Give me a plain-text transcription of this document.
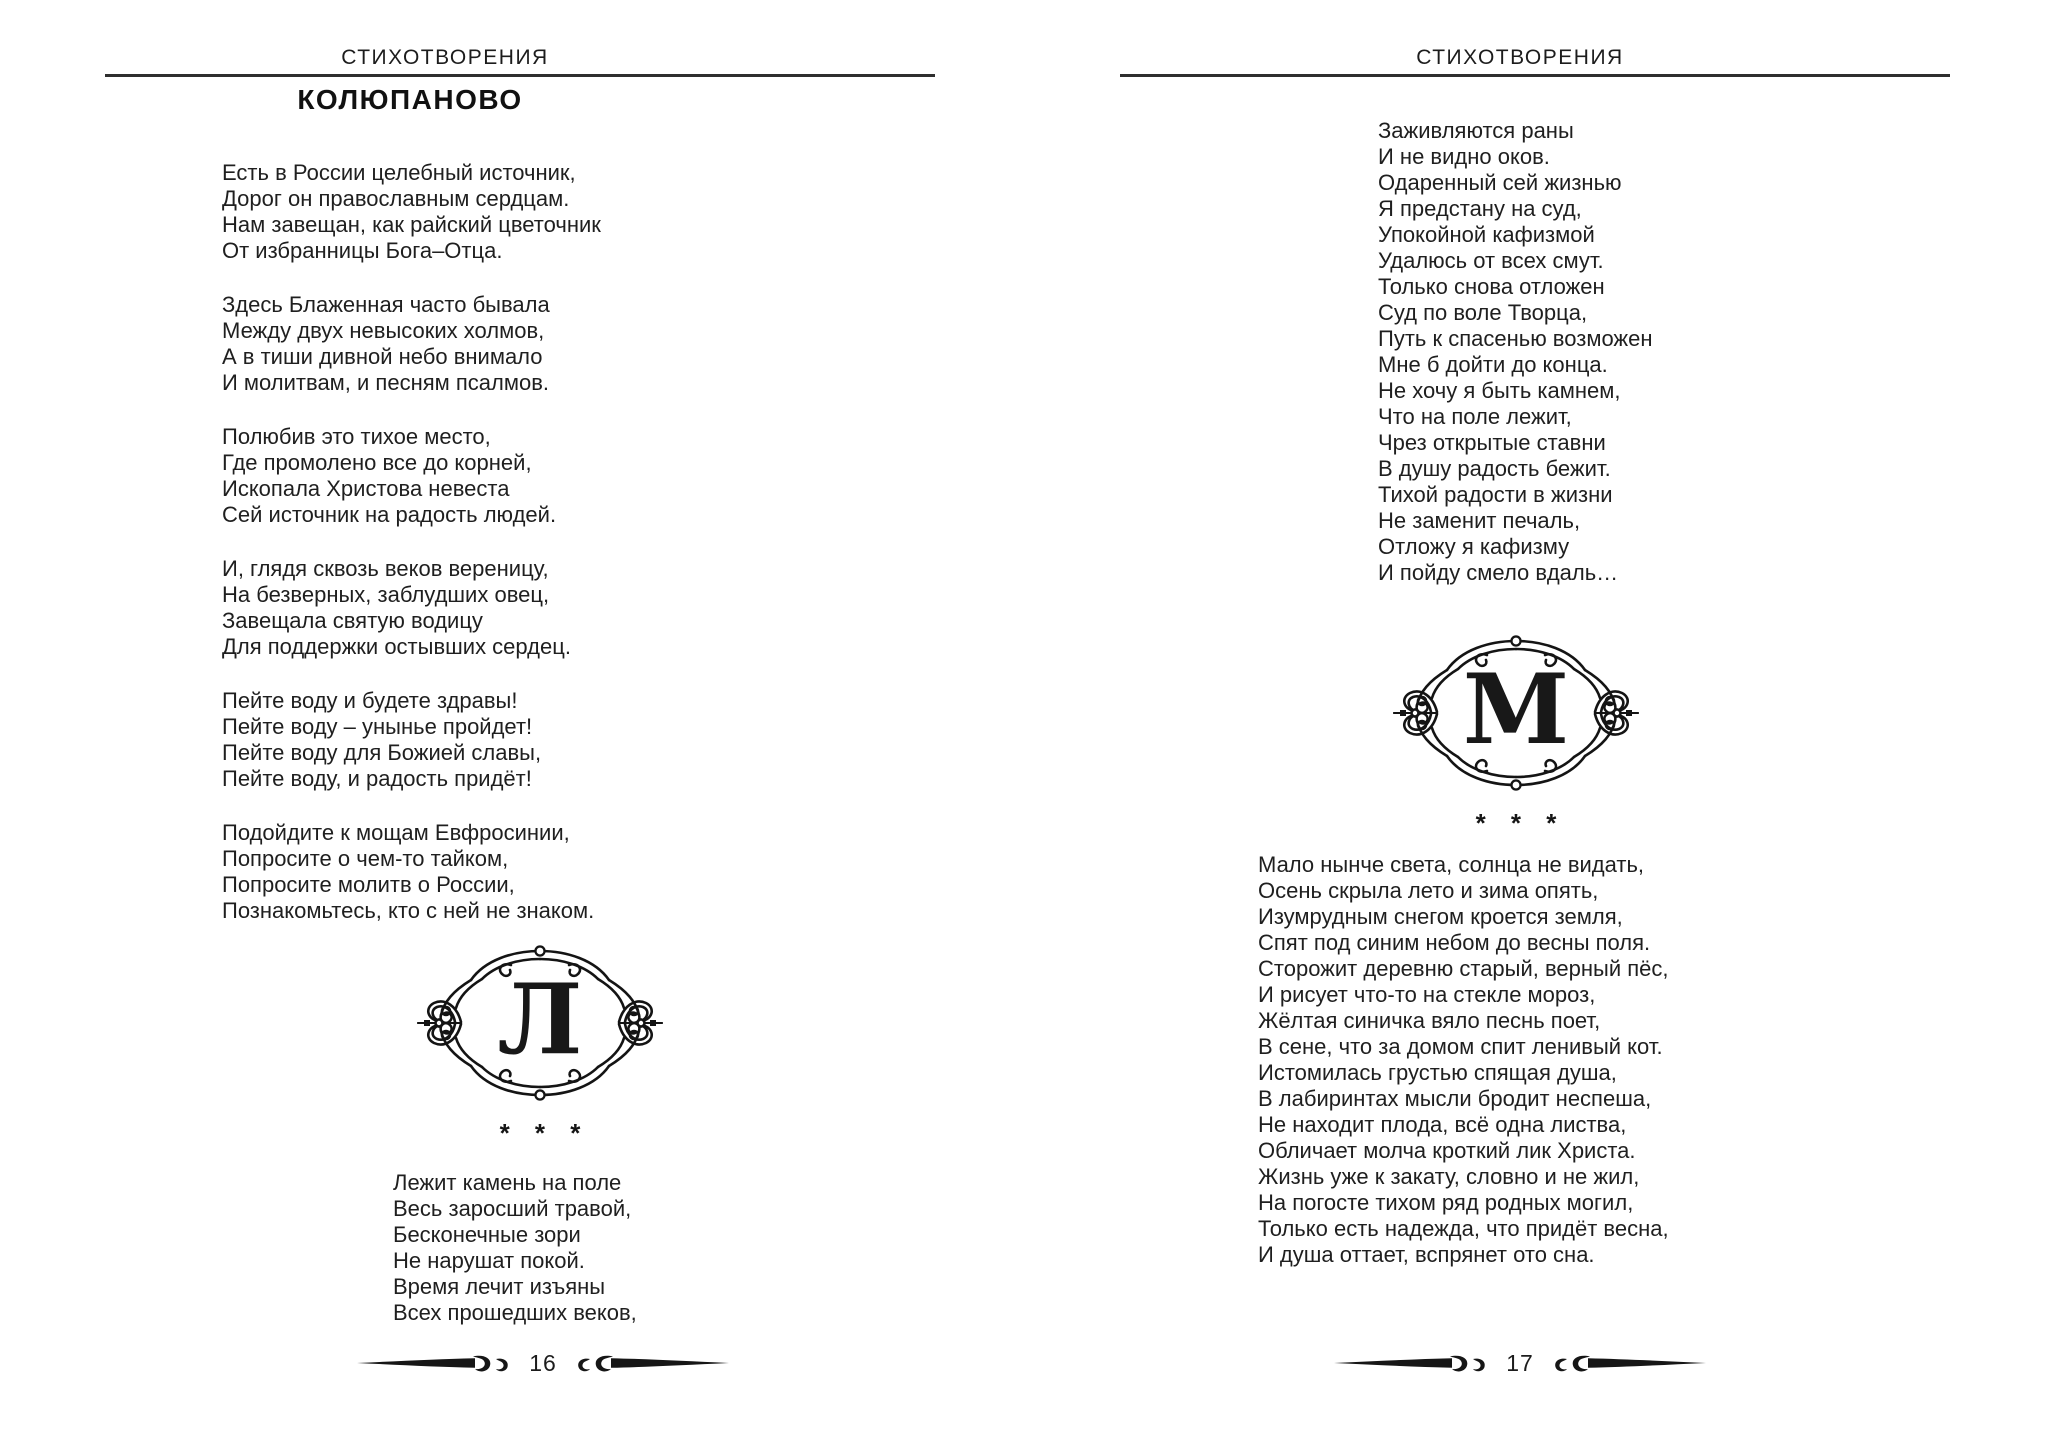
СТИХОТВОРЕНИЯ
КОЛЮПАНОВО
Есть в России целебный источник,
Дорог он православным сердцам.
Нам завещан, как райский цветочник
От избранницы Бога–Отца.
Здесь Блаженная часто бывала
Между двух невысоких холмов,
А в тиши дивной небо внимало
И молитвам, и песням псалмов.
Полюбив это тихое место,
Где промолено все до корней,
Ископала Христова невеста
Сей источник на радость людей.
И, глядя сквозь веков вереницу,
На безверных, заблудших овец,
Завещала святую водицу
Для поддержки остывших сердец.
Пейте воду и будете здравы!
Пейте воду – унынье пройдет!
Пейте воду для Божией славы,
Пейте воду, и радость придёт!
Подойдите к мощам Евфросинии,
Попросите о чем-то тайком,
Попросите молитв о России,
Познакомьтесь, кто с ней не знаком.
Л
* * *
Лежит камень на поле
Весь заросший травой,
Бесконечные зори
Не нарушат покой.
Время лечит изъяны
Всех прошедших веков,
16
СТИХОТВОРЕНИЯ
Заживляются раны
И не видно оков.
Одаренный сей жизнью
Я предстану на суд,
Упокойной кафизмой
Удалюсь от всех смут.
Только снова отложен
Суд по воле Творца,
Путь к спасенью возможен
Мне б дойти до конца.
Не хочу я быть камнем,
Что на поле лежит,
Чрез открытые ставни
В душу радость бежит.
Тихой радости в жизни
Не заменит печаль,
Отложу я кафизму
И пойду смело вдаль…
М
* * *
Мало нынче света, солнца не видать,
Осень скрыла лето и зима опять,
Изумрудным снегом кроется земля,
Спят под синим небом до весны поля.
Сторожит деревню старый, верный пёс,
И рисует что-то на стекле мороз,
Жёлтая синичка вяло песнь поет,
В сене, что за домом спит ленивый кот.
Истомилась грустью спящая душа,
В лабиринтах мысли бродит неспеша,
Не находит плода, всё одна листва,
Обличает молча кроткий лик Христа.
Жизнь уже к закату, словно и не жил,
На погосте тихом ряд родных могил,
Только есть надежда, что придёт весна,
И душа оттает, вспрянет ото сна.
17
